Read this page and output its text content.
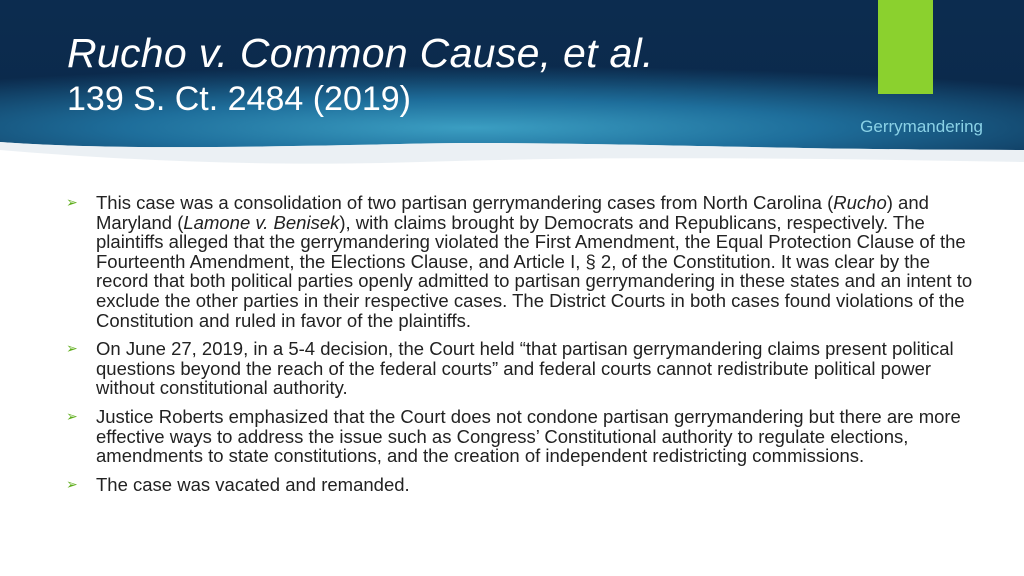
Rucho v. Common Cause, et al.
139 S. Ct. 2484 (2019)
Gerrymandering
➢ This case was a consolidation of two partisan gerrymandering cases from North Carolina (Rucho) and Maryland (Lamone v. Benisek), with claims brought by Democrats and Republicans, respectively. The plaintiffs alleged that the gerrymandering violated the First Amendment, the Equal Protection Clause of the Fourteenth Amendment, the Elections Clause, and Article I, § 2, of the Constitution. It was clear by the record that both political parties openly admitted to partisan gerrymandering in these states and an intent to exclude the other parties in their respective cases. The District Courts in both cases found violations of the Constitution and ruled in favor of the plaintiffs.
➢ On June 27, 2019, in a 5-4 decision, the Court held “that partisan gerrymandering claims present political questions beyond the reach of the federal courts” and federal courts cannot redistribute political power without constitutional authority.
➢ Justice Roberts emphasized that the Court does not condone partisan gerrymandering but there are more effective ways to address the issue such as Congress’ Constitutional authority to regulate elections, amendments to state constitutions, and the creation of independent redistricting commissions.
➢ The case was vacated and remanded.
